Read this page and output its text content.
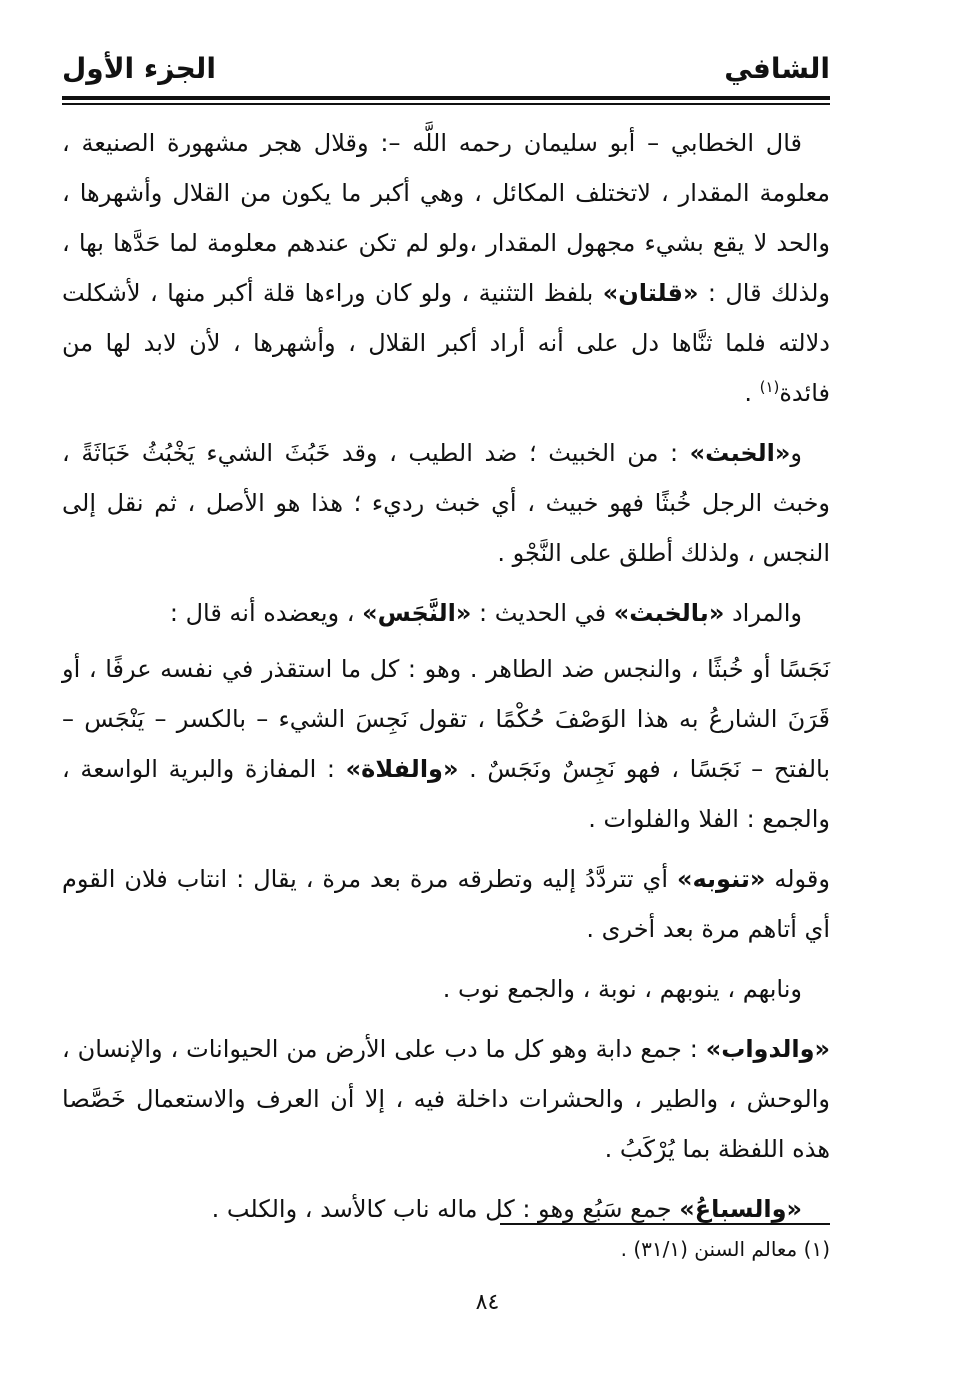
الشافي
الجزء الأول

قال الخطابي – أبو سليمان رحمه اللَّه –: وقلال هجر مشهورة الصنيعة ، معلومة المقدار ، لاتختلف المكائل ، وهي أكبر ما يكون من القلال وأشهرها ، والحد لا يقع بشيء مجهول المقدار ،ولو لم تكن عندهم معلومة لما حَدَّها بها ، ولذلك قال : «قلتان» بلفظ التثنية ، ولو كان وراءها قلة أكبر منها ، لأشكلت دلالته فلما ثنَّاها دل على أنه أراد أكبر القلال ، وأشهرها ، لأن لابد لها من فائدة$^{(١)}$ .

و«الخبث» : من الخبيث ؛ ضد الطيب ، وقد خَبُثَ الشيء يَخْبُثُ خَبَاثَةً ، وخبث الرجل خُبثًا فهو خبيث ، أي خبث رديء ؛ هذا هو الأصل ، ثم نقل إلى النجس ، ولذلك أطلق على النَّجْو .

والمراد «بالخبث» في الحديث : «النَّجَس» ، ويعضده أنه قال :

نَجَسًا أو خُبثًا ، والنجس ضد الطاهر . وهو : كل ما استقذر في نفسه عرفًا ، أو قَرَنَ الشارعُ به هذا الوَصْفَ حُكْمًا ، تقول نَجِسَ الشيء – بالكسر – يَنْجَس – بالفتح – نَجَسًا ، فهو نَجِسٌ ونَجَسٌ . «والفلاة» : المفازة والبرية الواسعة ، والجمع : الفلا والفلوات .

وقوله «تنوبه» أي تتردَّدُ إليه وتطرقه مرة بعد مرة ، يقال : انتاب فلان القوم أي أتاهم مرة بعد أخرى .

ونابهم ، ينوبهم ، نوبة ، والجمع نوب .

«والدواب» : جمع دابة وهو كل ما دب على الأرض من الحيوانات ، والإنسان ، والوحش ، والطير ، والحشرات داخلة فيه ، إلا أن العرف والاستعمال خَصَّصا هذه اللفظة بما يُرْكَبُ .

«والسباعُ» جمع سَبُع وهو : كل ماله ناب كالأسد ، والكلب .

(١) معالم السنن (٣١/١) .
٨٤
